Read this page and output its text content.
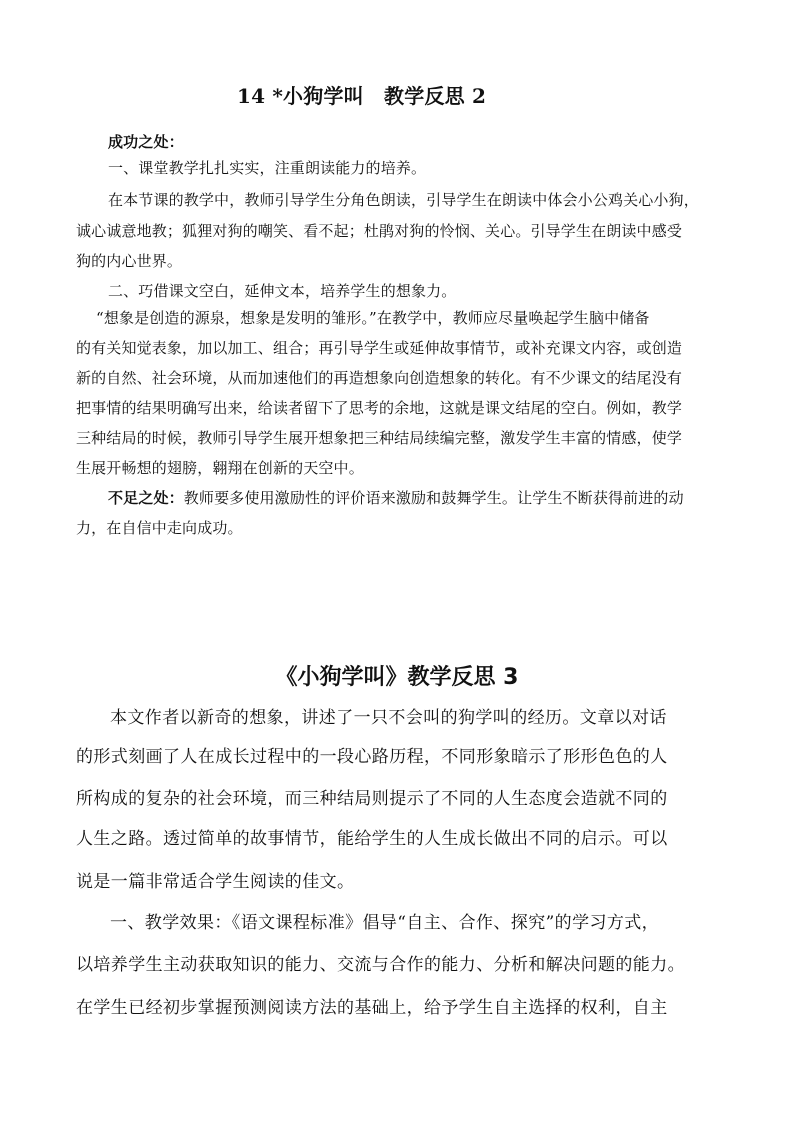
14 *小狗学叫　教学反思 2
成功之处：
一、课堂教学扎扎实实，注重朗读能力的培养。
在本节课的教学中，教师引导学生分角色朗读，引导学生在朗读中体会小公鸡关心小狗，
诚心诚意地教；狐狸对狗的嘲笑、看不起；杜鹃对狗的怜悯、关心。引导学生在朗读中感受
狗的内心世界。
二、巧借课文空白，延伸文本，培养学生的想象力。
“想象是创造的源泉，想象是发明的雏形。”在教学中，教师应尽量唤起学生脑中储备
的有关知觉表象，加以加工、组合；再引导学生或延伸故事情节，或补充课文内容，或创造
新的自然、社会环境，从而加速他们的再造想象向创造想象的转化。有不少课文的结尾没有
把事情的结果明确写出来，给读者留下了思考的余地，这就是课文结尾的空白。例如，教学
三种结局的时候，教师引导学生展开想象把三种结局续编完整，激发学生丰富的情感，使学
生展开畅想的翅膀，翱翔在创新的天空中。
不足之处：教师要多使用激励性的评价语来激励和鼓舞学生。让学生不断获得前进的动
力，在自信中走向成功。
《小狗学叫》教学反思 3
本文作者以新奇的想象，讲述了一只不会叫的狗学叫的经历。文章以对话
的形式刻画了人在成长过程中的一段心路历程，不同形象暗示了形形色色的人
所构成的复杂的社会环境，而三种结局则提示了不同的人生态度会造就不同的
人生之路。透过简单的故事情节，能给学生的人生成长做出不同的启示。可以
说是一篇非常适合学生阅读的佳文。
一、教学效果：《语文课程标准》倡导“自主、合作、探究”的学习方式，
以培养学生主动获取知识的能力、交流与合作的能力、分析和解决问题的能力。
在学生已经初步掌握预测阅读方法的基础上，给予学生自主选择的权利，自主
